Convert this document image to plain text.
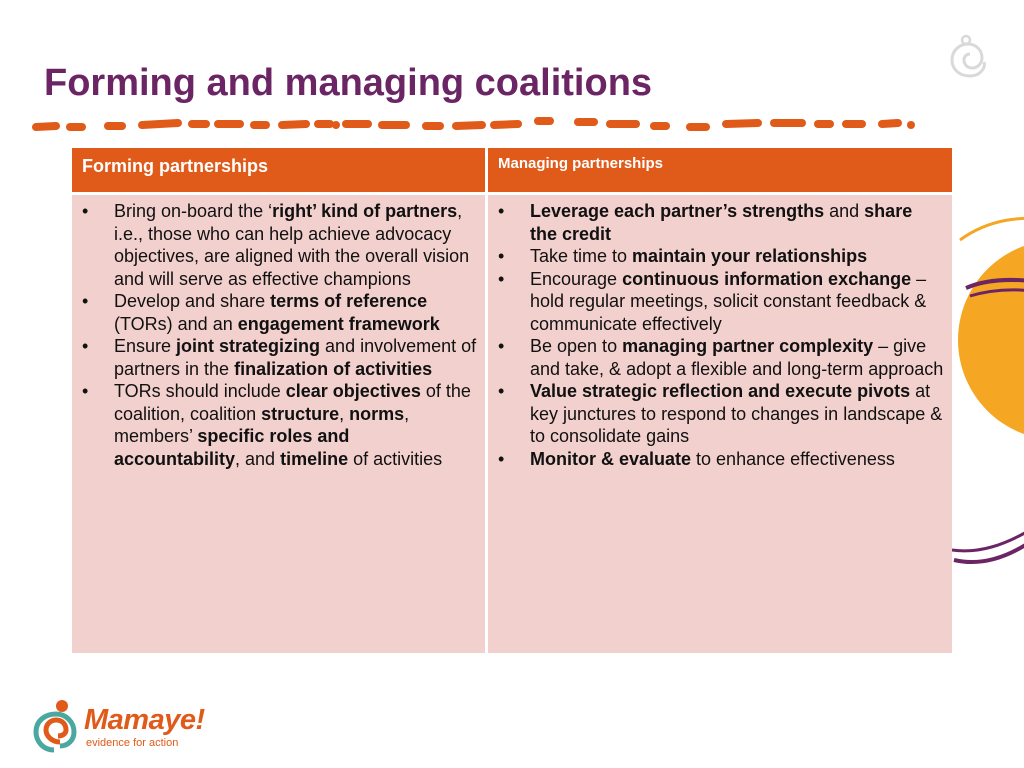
Forming and managing coalitions
Forming partnerships	Managing partnerships
• Bring on-board the ‘right’ kind of partners, i.e., those who can help achieve advocacy objectives, are aligned with the overall vision and will serve as effective champions
• Develop and share terms of reference (TORs) and an engagement framework
• Ensure joint strategizing and involvement of partners in the finalization of activities
• TORs should include clear objectives of the coalition, coalition structure, norms, members’ specific roles and accountability, and timeline of activities
• Leverage each partner’s strengths and share the credit
• Take time to maintain your relationships
• Encourage continuous information exchange – hold regular meetings, solicit constant feedback & communicate effectively
• Be open to managing partner complexity – give and take, & adopt a flexible and long-term approach
• Value strategic reflection and execute pivots at key junctures to respond to changes in landscape & to consolidate gains
• Monitor & evaluate to enhance effectiveness
Mamaye!
evidence for action
